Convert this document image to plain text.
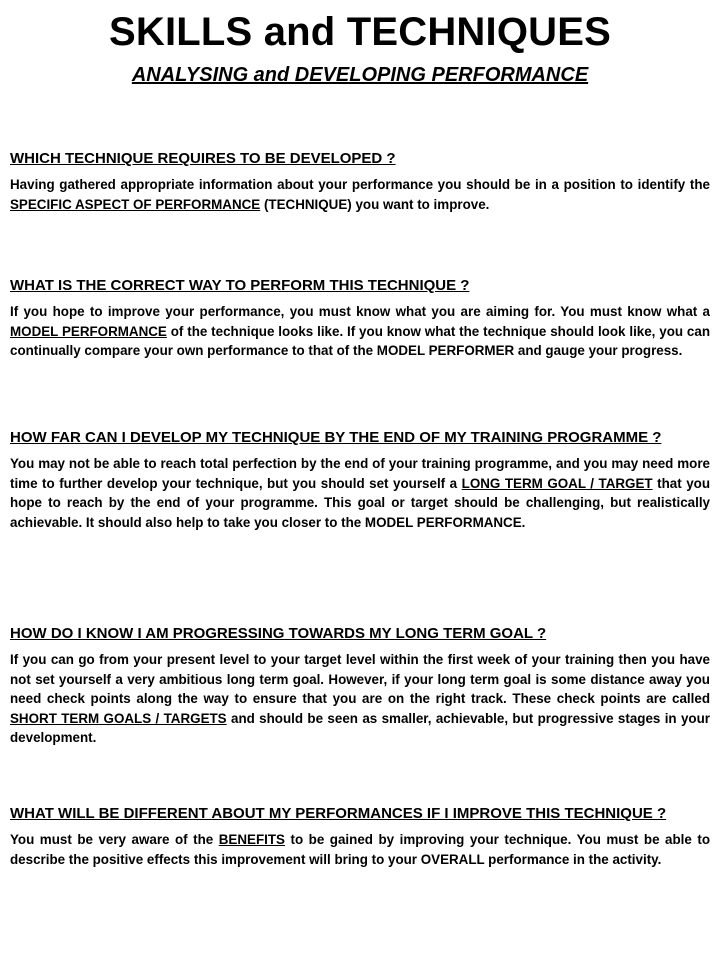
SKILLS and TECHNIQUES
ANALYSING and DEVELOPING PERFORMANCE

WHICH TECHNIQUE REQUIRES TO BE DEVELOPED ?

Having gathered appropriate information about your performance you should be in a position to identify the SPECIFIC ASPECT OF PERFORMANCE (TECHNIQUE) you want to improve.

WHAT IS THE CORRECT WAY TO PERFORM THIS TECHNIQUE ?

If you hope to improve your performance, you must know what you are aiming for. You must know what a MODEL PERFORMANCE of the technique looks like. If you know what the technique should look like, you can continually compare your own performance to that of the MODEL PERFORMER and gauge your progress.

HOW FAR CAN I DEVELOP MY TECHNIQUE BY THE END OF MY TRAINING PROGRAMME ?

You may not be able to reach total perfection by the end of your training programme, and you may need more time to further develop your technique, but you should set yourself a LONG TERM GOAL / TARGET that you hope to reach by the end of your programme. This goal or target should be challenging, but realistically achievable. It should also help to take you closer to the MODEL PERFORMANCE.

HOW DO I KNOW I AM PROGRESSING TOWARDS MY LONG TERM GOAL ?

If you can go from your present level to your target level within the first week of your training then you have not set yourself a very ambitious long term goal. However, if your long term goal is some distance away you need check points along the way to ensure that you are on the right track. These check points are called SHORT TERM GOALS / TARGETS and should be seen as smaller, achievable, but progressive stages in your development.

WHAT WILL BE DIFFERENT ABOUT MY PERFORMANCES IF I IMPROVE THIS TECHNIQUE ?

You must be very aware of the BENEFITS to be gained by improving your technique. You must be able to describe the positive effects this improvement will bring to your OVERALL performance in the activity.
